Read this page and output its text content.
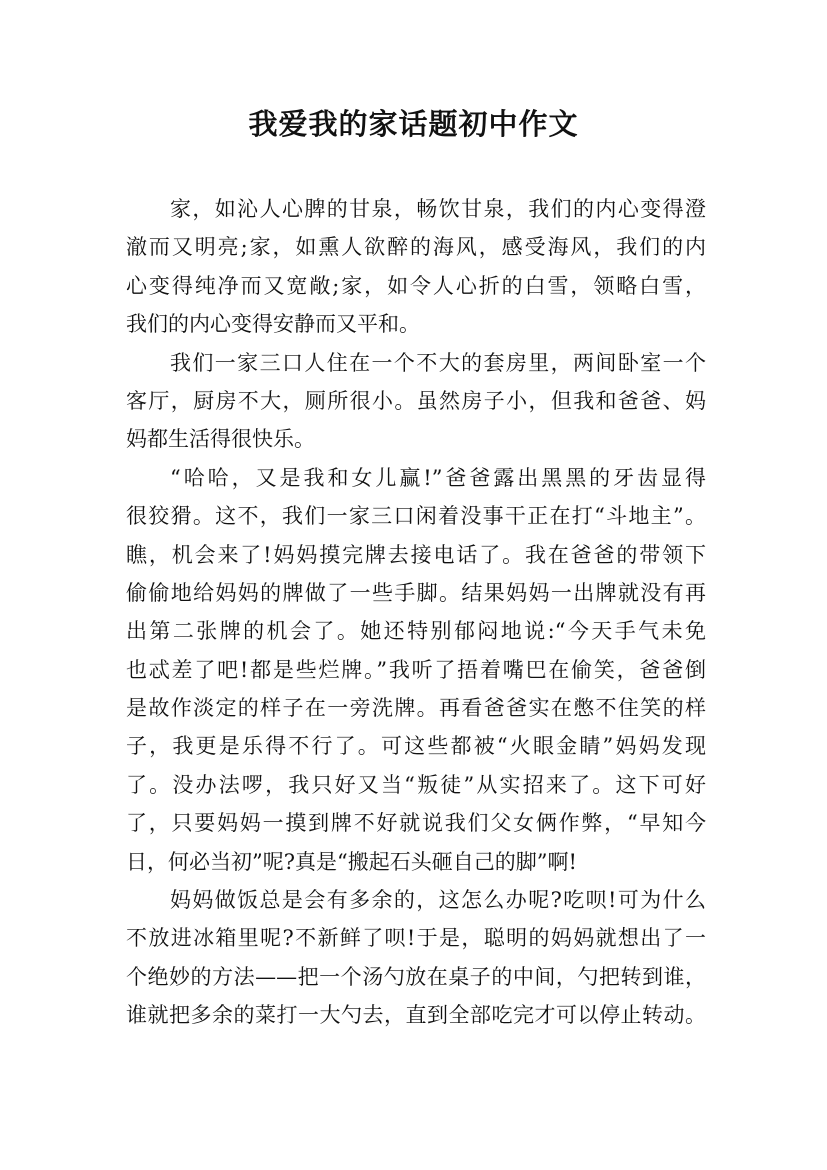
我爱我的家话题初中作文
家，如沁人心脾的甘泉，畅饮甘泉，我们的内心变得澄
澈而又明亮;家，如熏人欲醉的海风，感受海风，我们的内
心变得纯净而又宽敞;家，如令人心折的白雪，领略白雪，
我们的内心变得安静而又平和。
我们一家三口人住在一个不大的套房里，两间卧室一个
客厅，厨房不大，厕所很小。虽然房子小，但我和爸爸、妈
妈都生活得很快乐。
“哈哈，又是我和女儿赢!”爸爸露出黑黑的牙齿显得
很狡猾。这不，我们一家三口闲着没事干正在打“斗地主”。
瞧，机会来了!妈妈摸完牌去接电话了。我在爸爸的带领下
偷偷地给妈妈的牌做了一些手脚。结果妈妈一出牌就没有再
出第二张牌的机会了。她还特别郁闷地说:“今天手气未免
也忒差了吧!都是些烂牌。”我听了捂着嘴巴在偷笑，爸爸倒
是故作淡定的样子在一旁洗牌。再看爸爸实在憋不住笑的样
子，我更是乐得不行了。可这些都被“火眼金睛”妈妈发现
了。没办法啰，我只好又当“叛徒”从实招来了。这下可好
了，只要妈妈一摸到牌不好就说我们父女俩作弊，“早知今
日，何必当初”呢?真是“搬起石头砸自己的脚”啊!
妈妈做饭总是会有多余的，这怎么办呢?吃呗!可为什么
不放进冰箱里呢?不新鲜了呗!于是，聪明的妈妈就想出了一
个绝妙的方法——把一个汤勺放在桌子的中间，勺把转到谁，
谁就把多余的菜打一大勺去，直到全部吃完才可以停止转动。
